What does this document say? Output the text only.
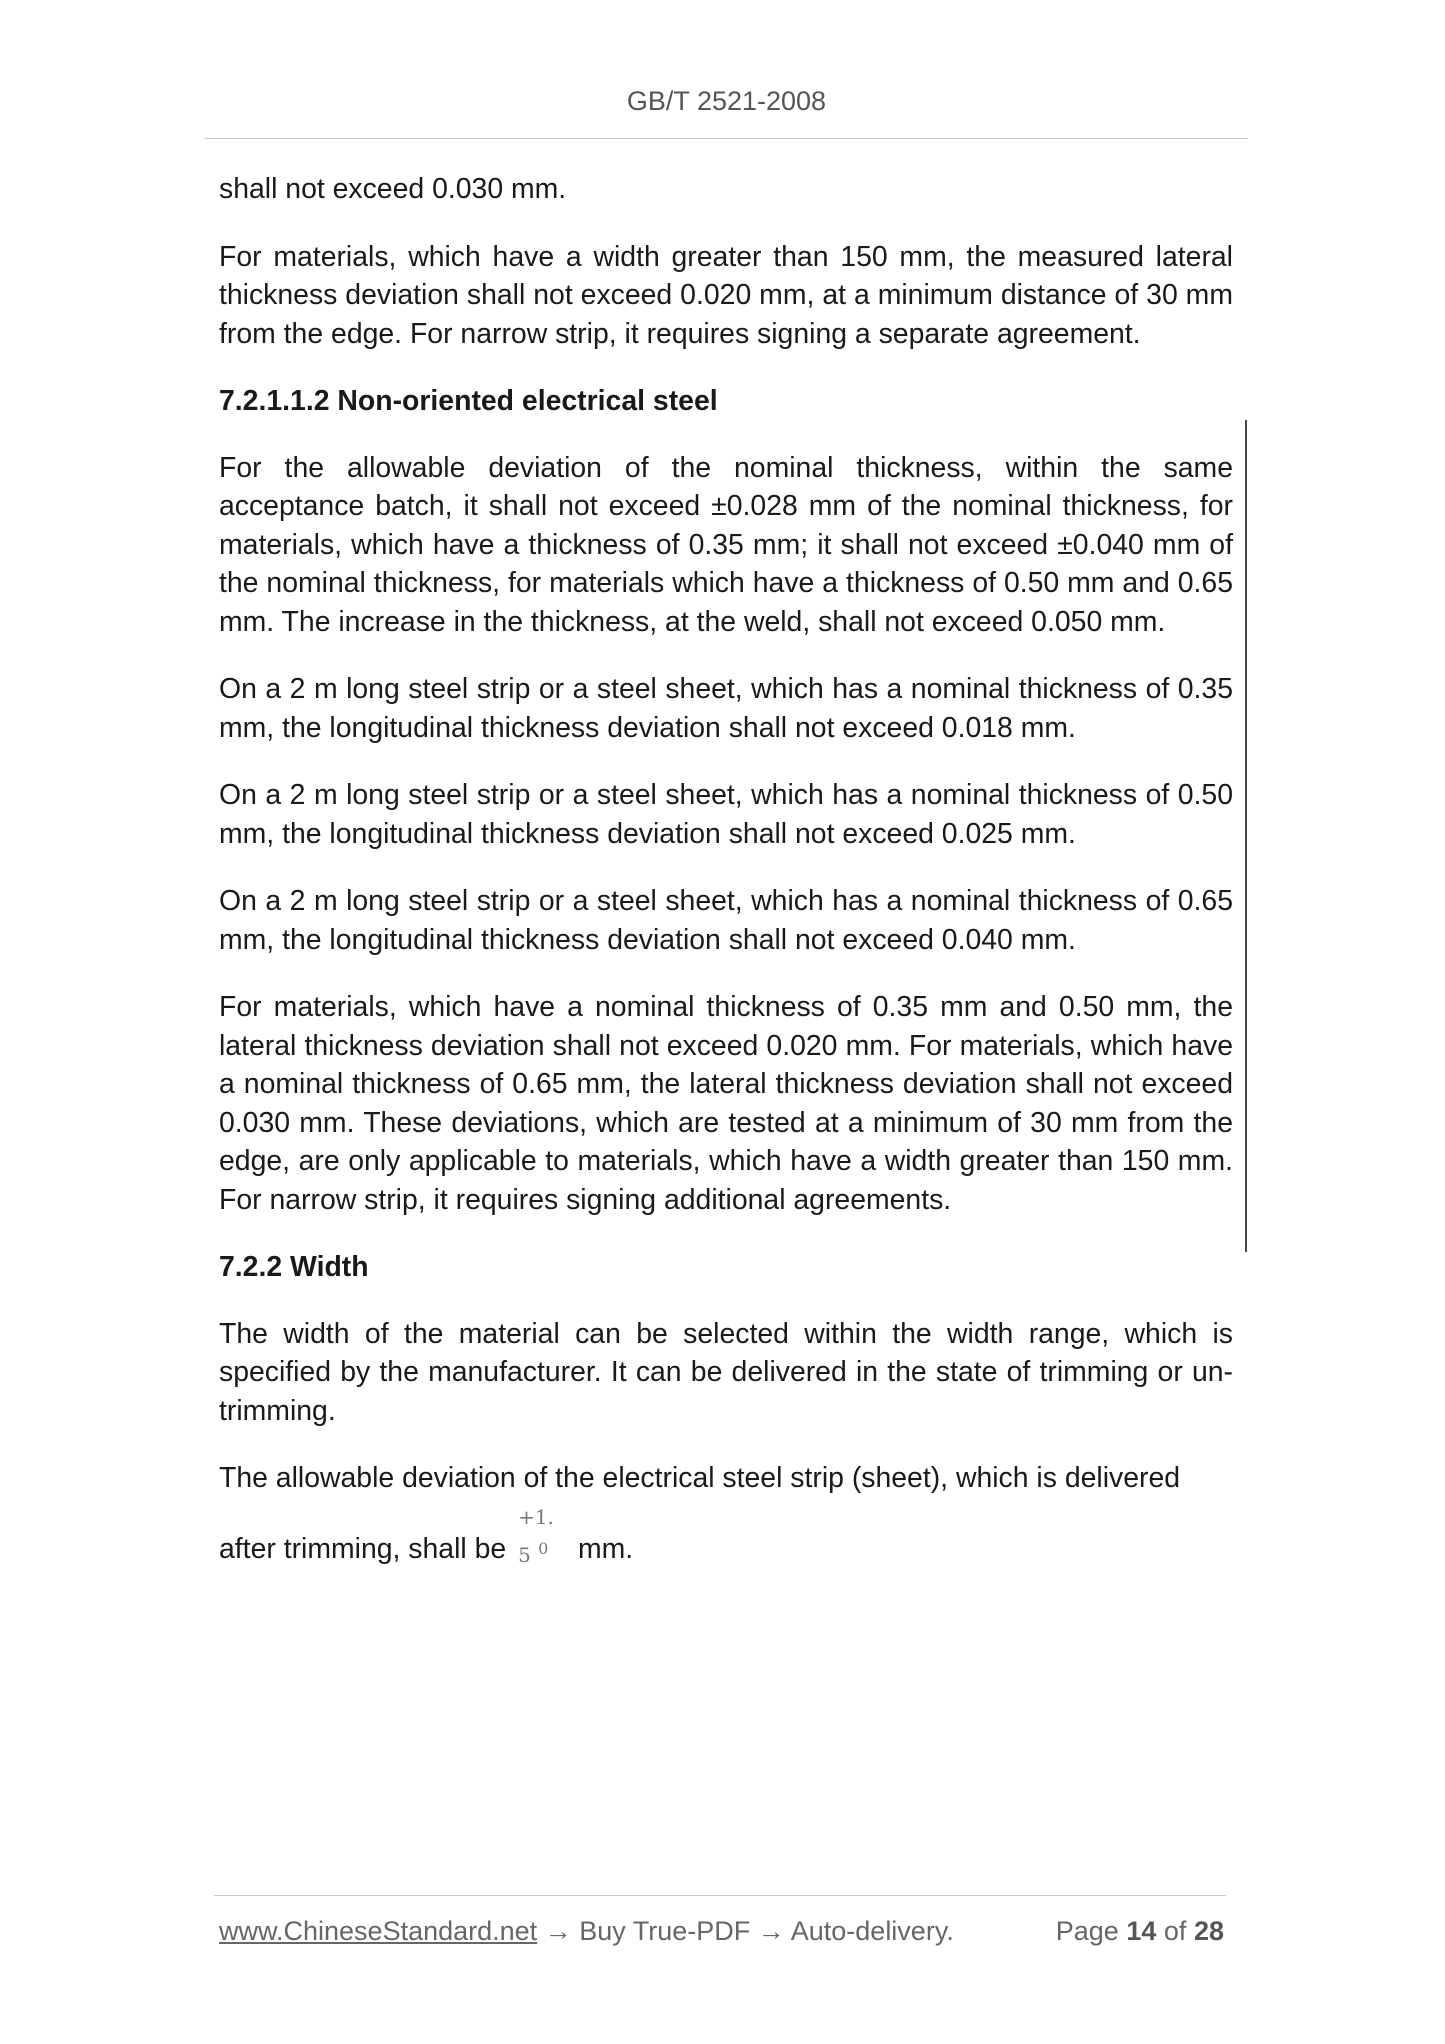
GB/T 2521-2008

shall not exceed 0.030 mm.

For materials, which have a width greater than 150 mm, the measured lateral thickness deviation shall not exceed 0.020 mm, at a minimum distance of 30 mm from the edge. For narrow strip, it requires signing a separate agreement.

7.2.1.1.2 Non-oriented electrical steel

For the allowable deviation of the nominal thickness, within the same acceptance batch, it shall not exceed ±0.028 mm of the nominal thickness, for materials, which have a thickness of 0.35 mm; it shall not exceed ±0.040 mm of the nominal thickness, for materials which have a thickness of 0.50 mm and 0.65 mm. The increase in the thickness, at the weld, shall not exceed 0.050 mm.

On a 2 m long steel strip or a steel sheet, which has a nominal thickness of 0.35 mm, the longitudinal thickness deviation shall not exceed 0.018 mm.

On a 2 m long steel strip or a steel sheet, which has a nominal thickness of 0.50 mm, the longitudinal thickness deviation shall not exceed 0.025 mm.

On a 2 m long steel strip or a steel sheet, which has a nominal thickness of 0.65 mm, the longitudinal thickness deviation shall not exceed 0.040 mm.

For materials, which have a nominal thickness of 0.35 mm and 0.50 mm, the lateral thickness deviation shall not exceed 0.020 mm. For materials, which have a nominal thickness of 0.65 mm, the lateral thickness deviation shall not exceed 0.030 mm. These deviations, which are tested at a minimum of 30 mm from the edge, are only applicable to materials, which have a width greater than 150 mm. For narrow strip, it requires signing additional agreements.

7.2.2 Width

The width of the material can be selected within the width range, which is specified by the manufacturer. It can be delivered in the state of trimming or un-trimming.

The allowable deviation of the electrical steel strip (sheet), which is delivered

after trimming, shall be
+1. 5 0 mm.

www.ChineseStandard.net → Buy True-PDF → Auto-delivery.	Page 14 of 28
